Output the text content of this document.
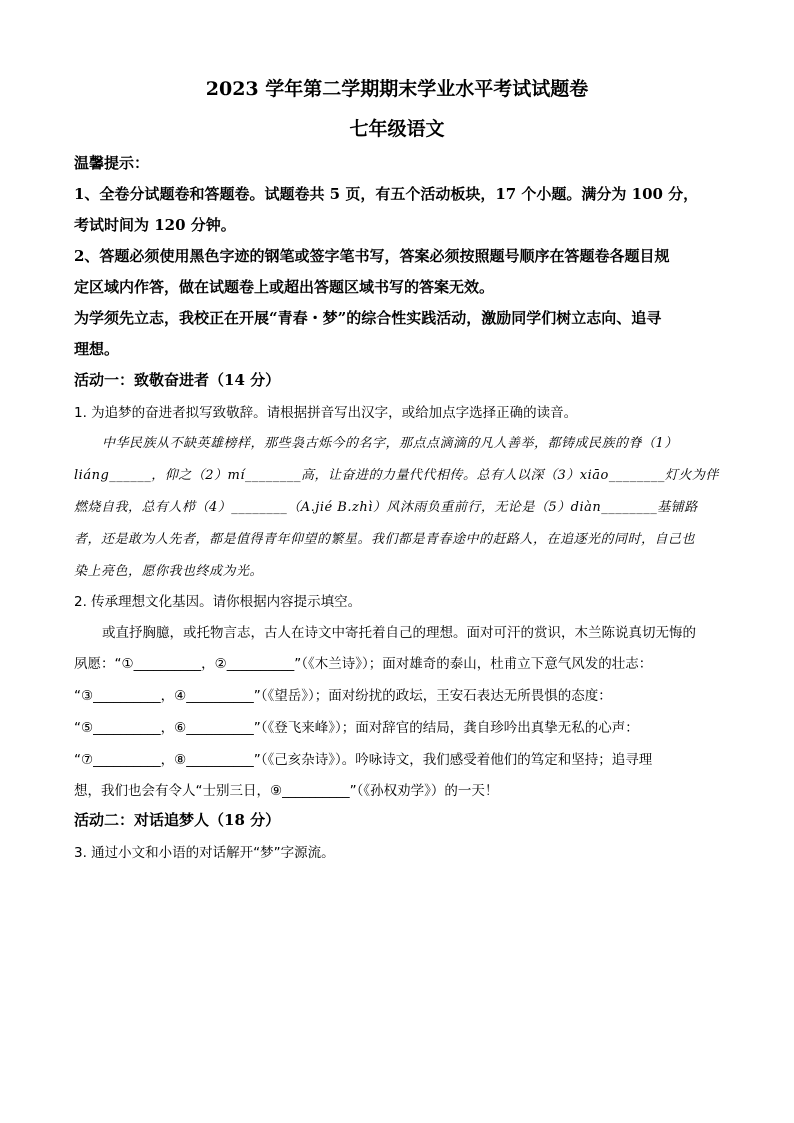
2023 学年第二学期期末学业水平考试试题卷
七年级语文
温馨提示：
1、全卷分试题卷和答题卷。试题卷共 5 页，有五个活动板块，17 个小题。满分为 100 分，
考试时间为 120 分钟。
2、答题必须使用黑色字迹的钢笔或签字笔书写，答案必须按照题号顺序在答题卷各题目规
定区域内作答，做在试题卷上或超出答题区域书写的答案无效。
为学须先立志，我校正在开展“青春・梦”的综合性实践活动，激励同学们树立志向、追寻
理想。
活动一：致敬奋进者（14 分）
1. 为追梦的奋进者拟写致敬辞。请根据拼音写出汉字，或给加点字选择正确的读音。
中华民族从不缺英雄榜样，那些袅古烁今的名字，那点点滴滴的凡人善举，都铸成民族的脊（1）
liáng______，仰之（2）mí________高，让奋进的力量代代相传。总有人以深（3）xiāo________灯火为伴
燃烧自我，总有人栉（4）________（A.jié B.zhì）风沐雨负重前行，无论是（5）diàn________基铺路
者，还是敢为人先者，都是值得青年仰望的繁星。我们都是青春途中的赶路人，在追逐光的同时，自己也
染上亮色，愿你我也终成为光。
2. 传承理想文化基因。请你根据内容提示填空。
或直抒胸臆，或托物言志，古人在诗文中寄托着自己的理想。面对可汗的赏识，木兰陈说真切无悔的
夙愿：“①__________，②__________”（《木兰诗》）；面对雄奇的泰山，杜甫立下意气风发的壮志：
“③__________，④__________”（《望岳》）；面对纷扰的政坛，王安石表达无所畏惧的态度：
“⑤__________，⑥__________”（《登飞来峰》）；面对辞官的结局，龚自珍吟出真挚无私的心声：
“⑦__________，⑧__________”（《己亥杂诗》）。吟咏诗文，我们感受着他们的笃定和坚持；追寻理
想，我们也会有令人“士别三日，⑨__________”（《孙权劝学》）的一天！
活动二：对话追梦人（18 分）
3. 通过小文和小语的对话解开“梦”字源流。
